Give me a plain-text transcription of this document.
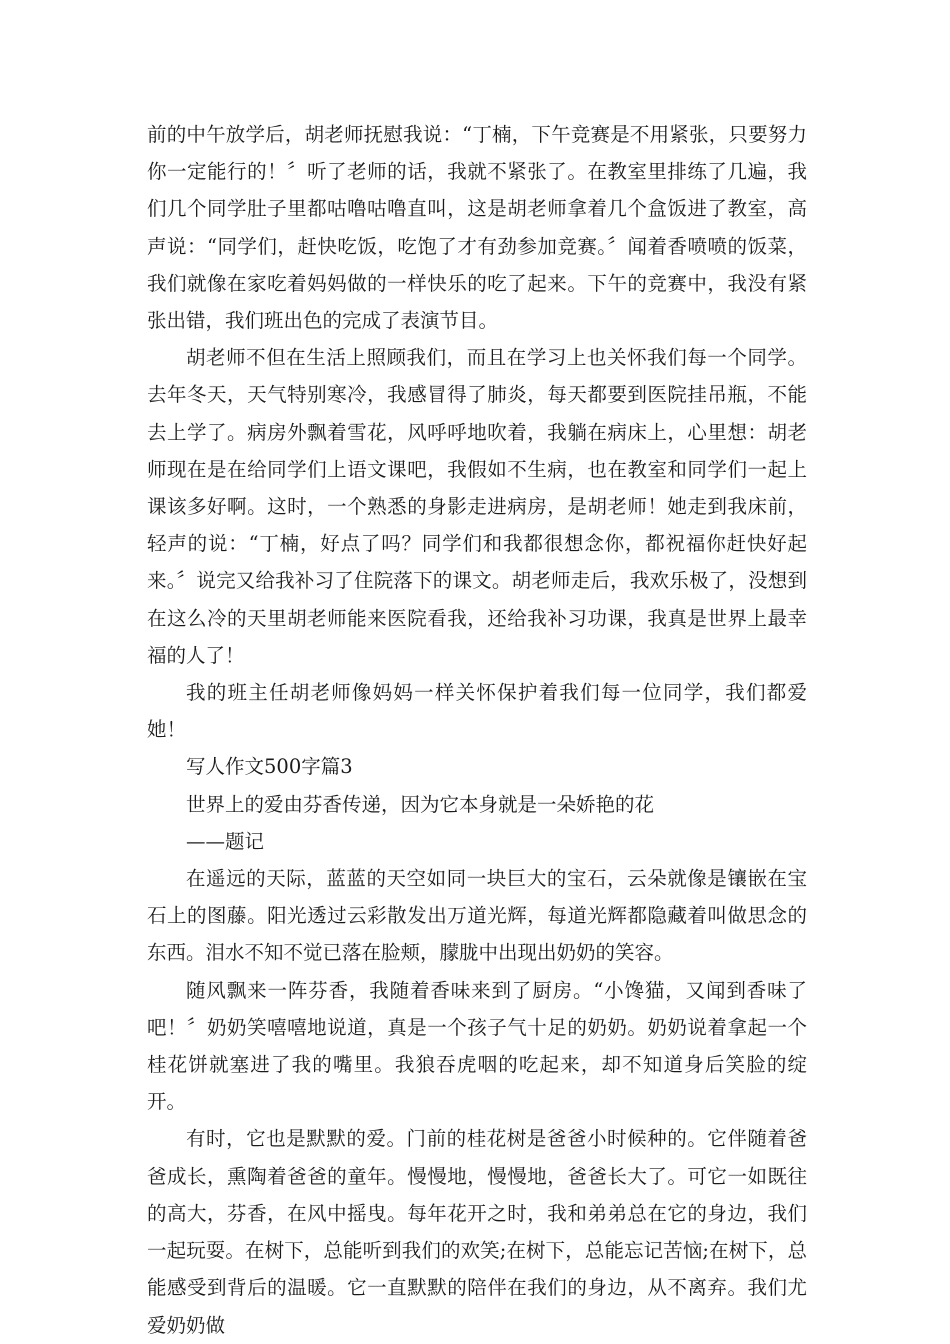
前的中午放学后，胡老师抚慰我说：“丁楠，下午竞赛是不用紧张，只要努力你一定能行的！〞听了老师的话，我就不紧张了。在教室里排练了几遍，我们几个同学肚子里都咕噜咕噜直叫，这是胡老师拿着几个盒饭进了教室，高声说：“同学们，赶快吃饭，吃饱了才有劲参加竞赛。〞闻着香喷喷的饭菜，我们就像在家吃着妈妈做的一样快乐的吃了起来。下午的竞赛中，我没有紧张出错，我们班出色的完成了表演节目。

胡老师不但在生活上照顾我们，而且在学习上也关怀我们每一个同学。去年冬天，天气特别寒冷，我感冒得了肺炎，每天都要到医院挂吊瓶，不能去上学了。病房外飘着雪花，风呼呼地吹着，我躺在病床上，心里想：胡老师现在是在给同学们上语文课吧，我假如不生病，也在教室和同学们一起上课该多好啊。这时，一个熟悉的身影走进病房，是胡老师！她走到我床前，轻声的说：“丁楠，好点了吗？同学们和我都很想念你，都祝福你赶快好起来。〞说完又给我补习了住院落下的课文。胡老师走后，我欢乐极了，没想到在这么冷的天里胡老师能来医院看我，还给我补习功课，我真是世界上最幸福的人了！

我的班主任胡老师像妈妈一样关怀保护着我们每一位同学，我们都爱她！

写人作文500字篇3

世界上的爱由芬香传递，因为它本身就是一朵娇艳的花

——题记

在遥远的天际，蓝蓝的天空如同一块巨大的宝石，云朵就像是镶嵌在宝石上的图藤。阳光透过云彩散发出万道光辉，每道光辉都隐藏着叫做思念的东西。泪水不知不觉已落在脸颊，朦胧中出现出奶奶的笑容。

随风飘来一阵芬香，我随着香味来到了厨房。“小馋猫，又闻到香味了吧！〞奶奶笑嘻嘻地说道，真是一个孩子气十足的奶奶。奶奶说着拿起一个桂花饼就塞进了我的嘴里。我狼吞虎咽的吃起来，却不知道身后笑脸的绽开。

有时，它也是默默的爱。门前的桂花树是爸爸小时候种的。它伴随着爸爸成长，熏陶着爸爸的童年。慢慢地，慢慢地，爸爸长大了。可它一如既往的高大，芬香，在风中摇曳。每年花开之时，我和弟弟总在它的身边，我们一起玩耍。在树下，总能听到我们的欢笑;在树下，总能忘记苦恼;在树下，总能感受到背后的温暖。它一直默默的陪伴在我们的身边，从不离弃。我们尤爱奶奶做
